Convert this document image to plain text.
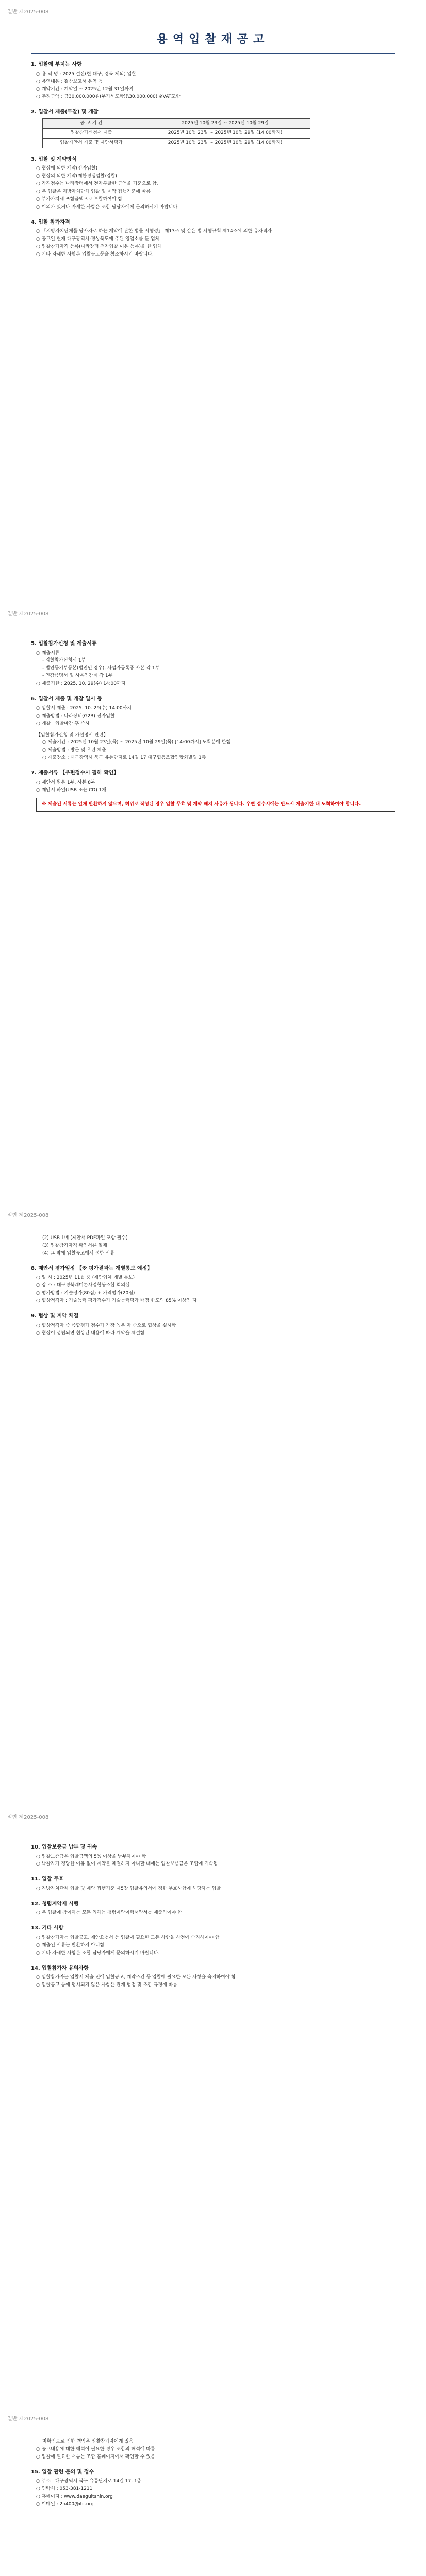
일반 제2025-008
용역입찰재공고
1. 입찰에 부치는 사항
○ 용 역 명 : 2025 결산(현 대구, 경북 제외) 입찰
○ 용역내용 : 결산보고서 용역 등
○ 계약기간 : 계약일 ~ 2025년 12월 31일까지
○ 추정금액 : 금30,000,000원(부가세포함)(\30,000,000) ※VAT포함
2. 입찰서 제출(투찰) 및 개찰
공 고 기 간	2025년 10월 23일 ~ 2025년 10월 29일
입찰참가신청서 제출	2025년 10월 23일 ~ 2025년 10월 29일 (14:00까지)
입찰제안서 제출 및 제안서평가	2025년 10월 23일 ~ 2025년 10월 29일 (14:00까지)
3. 입찰 및 계약방식
○ 협상에 의한 계약(전자입찰)
○ 협상의 의한 계약(제한경쟁입찰/입찰)
○ 가격점수는 나라장터에서 전자투찰한 금액을 기준으로 함.
○ 본 입찰은 지방자치단체 입찰 및 계약 집행기준에 따름
○ 부가가치세 포함금액으로 투찰하여야 함.
○ 이의가 있거나 자세한 사항은 조합 담당자에게 문의하시기 바랍니다.
4. 입찰 참가자격
○ 「지방자치단체를 당사자로 하는 계약에 관한 법률 시행령」 제13조 및 같은 법 시행규칙 제14조에 의한 유자격자
○ 공고일 현재 대구광역시·경상북도에 주된 영업소를 둔 업체
○ 입찰참가자격 등록(나라장터 전자입찰 이용 등록)을 한 업체
○ 기타 자세한 사항은 입찰공고문을 참조하시기 바랍니다.
일반 제2025-008
5. 입찰참가신청 및 제출서류
○ 제출서류
- 입찰참가신청서 1부
- 법인등기부등본(법인인 경우), 사업자등록증 사본 각 1부
- 인감증명서 및 사용인감계 각 1부
○ 제출기한 : 2025. 10. 29(수) 14:00까지
6. 입찰서 제출 및 개찰 일시 등
○ 입찰서 제출 : 2025. 10. 29(수) 14:00까지
○ 제출방법 : 나라장터(G2B) 전자입찰
○ 개찰 : 입찰마감 후 즉시
【입찰참가신청 및 가설명서 관련】
○ 제출기간 : 2025년 10월 23일(목) ~ 2025년 10월 29일(목) [14:00까지] 도착분에 한함
○ 제출방법 : 방문 및 우편 제출
○ 제출장소 : 대구광역시 북구 유통단지로 14길 17 대구협동조합연합회빌딩 1층
7. 제출서류 【우편접수시 필히 확인】
○ 제안서 원본 1부, 사본 8부
○ 제안서 파일(USB 또는 CD) 1개
※ 제출된 서류는 일체 반환하지 않으며, 허위로 작성된 경우 입찰 무효 및 계약 해지 사유가 됩니다. 우편 접수시에는 반드시 제출기한 내 도착하여야 합니다.
일반 제2025-008
(2) USB 1매 (제안서 PDF파일 포함 필수)
(3) 입찰참가자격 확인서류 일체
(4) 그 밖에 입찰공고에서 정한 서류
8. 제안서 평가일정 【※ 평가결과는 개별통보 예정】
○ 일 시 : 2025년 11월 중 (제안업체 개별 통보)
○ 장 소 : 대구경북레미콘사업협동조합 회의실
○ 평가방법 : 기술평가(80점) + 가격평가(20점)
○ 협상적격자 : 기술능력 평가점수가 기술능력평가 배점 한도의 85% 이상인 자
9. 협상 및 계약 체결
○ 협상적격자 중 종합평가 점수가 가장 높은 자 순으로 협상을 실시함
○ 협상이 성립되면 협상된 내용에 따라 계약을 체결함
일반 제2025-008
10. 입찰보증금 납부 및 귀속
○ 입찰보증금은 입찰금액의 5% 이상을 납부하여야 함
○ 낙찰자가 정당한 이유 없이 계약을 체결하지 아니할 때에는 입찰보증금은 조합에 귀속됨
11. 입찰 무효
○ 지방자치단체 입찰 및 계약 집행기준 제5장 입찰유의서에 정한 무효사항에 해당하는 입찰
12. 청렴계약제 시행
○ 본 입찰에 참여하는 모든 업체는 청렴계약이행서약서를 제출하여야 함
13. 기타 사항
○ 입찰참가자는 입찰공고, 제안요청서 등 입찰에 필요한 모든 사항을 사전에 숙지하여야 함
○ 제출된 서류는 반환하지 아니함
○ 기타 자세한 사항은 조합 담당자에게 문의하시기 바랍니다.
14. 입찰참가자 유의사항
○ 입찰참가자는 입찰서 제출 전에 입찰공고, 계약조건 등 입찰에 필요한 모든 사항을 숙지하여야 함
○ 입찰공고 등에 명시되지 않은 사항은 관계 법령 및 조합 규정에 따름
일반 제2025-008
미확인으로 인한 책임은 입찰참가자에게 있음
○ 공고내용에 대한 해석이 필요한 경우 조합의 해석에 따름
○ 입찰에 필요한 서류는 조합 홈페이지에서 확인할 수 있음
15. 입찰 관련 문의 및 접수
○ 주소 : 대구광역시 북구 유통단지로 14길 17, 1층
○ 연락처 : 053-381-1211
○ 홈페이지 : www.daeguitshin.org
○ 이메일 : 2n400@itc.org
